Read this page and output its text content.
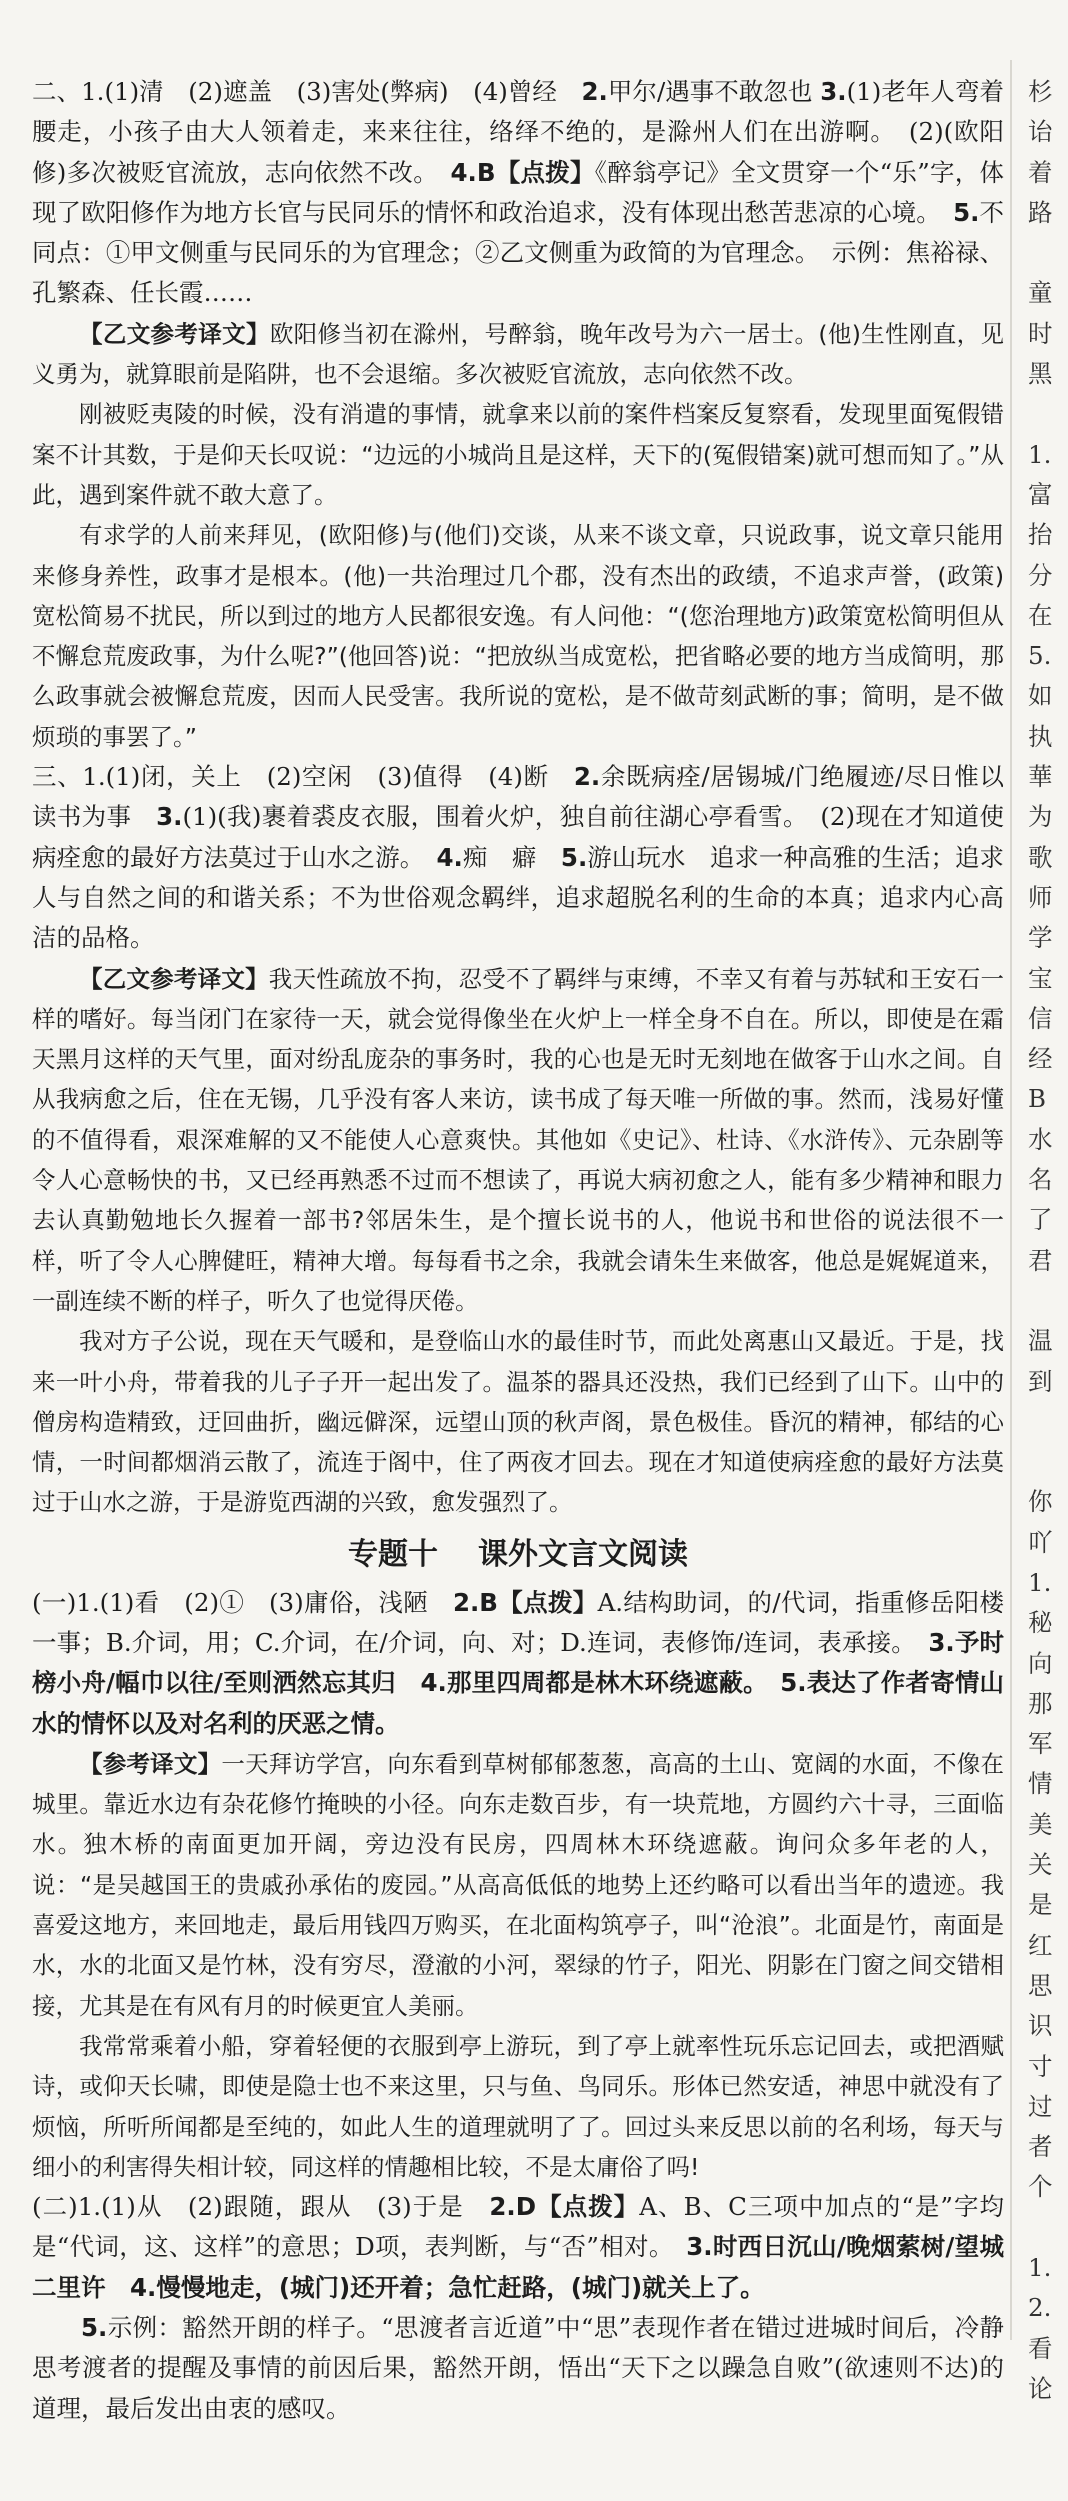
二、1.(1)清　(2)遮盖　(3)害处(弊病)　(4)曾经　2.甲尔/遇事不敢忽也 3.(1)老年人弯着腰走，小孩子由大人领着走，来来往往，络绎不绝的，是滁州人们在出游啊。　(2)(欧阳修)多次被贬官流放，志向依然不改。　4.B【点拨】《醉翁亭记》全文贯穿一个“乐”字，体现了欧阳修作为地方长官与民同乐的情怀和政治追求，没有体现出愁苦悲凉的心境。　5.不同点：①甲文侧重与民同乐的为官理念；②乙文侧重为政简的为官理念。　示例：焦裕禄、孔繁森、任长霞……

【乙文参考译文】欧阳修当初在滁州，号醉翁，晚年改号为六一居士。(他)生性刚直，见义勇为，就算眼前是陷阱，也不会退缩。多次被贬官流放，志向依然不改。

刚被贬夷陵的时候，没有消遣的事情，就拿来以前的案件档案反复察看，发现里面冤假错案不计其数，于是仰天长叹说：“边远的小城尚且是这样，天下的(冤假错案)就可想而知了。”从此，遇到案件就不敢大意了。

有求学的人前来拜见，(欧阳修)与(他们)交谈，从来不谈文章，只说政事，说文章只能用来修身养性，政事才是根本。(他)一共治理过几个郡，没有杰出的政绩，不追求声誉，(政策)宽松简易不扰民，所以到过的地方人民都很安逸。有人问他：“(您治理地方)政策宽松简明但从不懈怠荒废政事，为什么呢?”(他回答)说：“把放纵当成宽松，把省略必要的地方当成简明，那么政事就会被懈怠荒废，因而人民受害。我所说的宽松，是不做苛刻武断的事；简明，是不做烦琐的事罢了。”

三、1.(1)闭，关上　(2)空闲　(3)值得　(4)断　2.余既病痊/居锡城/门绝履迹/尽日惟以读书为事　3.(1)(我)裹着裘皮衣服，围着火炉，独自前往湖心亭看雪。　(2)现在才知道使病痊愈的最好方法莫过于山水之游。　4.痴　癖　5.游山玩水　追求一种高雅的生活；追求人与自然之间的和谐关系；不为世俗观念羁绊，追求超脱名利的生命的本真；追求内心高洁的品格。

【乙文参考译文】我天性疏放不拘，忍受不了羁绊与束缚，不幸又有着与苏轼和王安石一样的嗜好。每当闭门在家待一天，就会觉得像坐在火炉上一样全身不自在。所以，即使是在霜天黑月这样的天气里，面对纷乱庞杂的事务时，我的心也是无时无刻地在做客于山水之间。自从我病愈之后，住在无锡，几乎没有客人来访，读书成了每天唯一所做的事。然而，浅易好懂的不值得看，艰深难解的又不能使人心意爽快。其他如《史记》、杜诗、《水浒传》、元杂剧等令人心意畅快的书，又已经再熟悉不过而不想读了，再说大病初愈之人，能有多少精神和眼力去认真勤勉地长久握着一部书?邻居朱生，是个擅长说书的人，他说书和世俗的说法很不一样，听了令人心脾健旺，精神大增。每每看书之余，我就会请朱生来做客，他总是娓娓道来，一副连续不断的样子，听久了也觉得厌倦。

我对方子公说，现在天气暖和，是登临山水的最佳时节，而此处离惠山又最近。于是，找来一叶小舟，带着我的儿子子开一起出发了。温茶的器具还没热，我们已经到了山下。山中的僧房构造精致，迂回曲折，幽远僻深，远望山顶的秋声阁，景色极佳。昏沉的精神，郁结的心情，一时间都烟消云散了，流连于阁中，住了两夜才回去。现在才知道使病痊愈的最好方法莫过于山水之游，于是游览西湖的兴致，愈发强烈了。

专题十 课外文言文阅读

(一)1.(1)看　(2)①　(3)庸俗，浅陋　2.B【点拨】A.结构助词，的/代词，指重修岳阳楼一事；B.介词，用；C.介词，在/介词，向、对；D.连词，表修饰/连词，表承接。　3.予时榜小舟/幅巾以往/至则洒然忘其归　4.那里四周都是林木环绕遮蔽。　5.表达了作者寄情山水的情怀以及对名利的厌恶之情。

【参考译文】一天拜访学宫，向东看到草树郁郁葱葱，高高的土山、宽阔的水面，不像在城里。靠近水边有杂花修竹掩映的小径。向东走数百步，有一块荒地，方圆约六十寻，三面临水。独木桥的南面更加开阔，旁边没有民房，四周林木环绕遮蔽。询问众多年老的人，说：“是吴越国王的贵戚孙承佑的废园。”从高高低低的地势上还约略可以看出当年的遗迹。我喜爱这地方，来回地走，最后用钱四万购买，在北面构筑亭子，叫“沧浪”。北面是竹，南面是水，水的北面又是竹林，没有穷尽，澄澈的小河，翠绿的竹子，阳光、阴影在门窗之间交错相接，尤其是在有风有月的时候更宜人美丽。

我常常乘着小船，穿着轻便的衣服到亭上游玩，到了亭上就率性玩乐忘记回去，或把酒赋诗，或仰天长啸，即使是隐士也不来这里，只与鱼、鸟同乐。形体已然安适，神思中就没有了烦恼，所听所闻都是至纯的，如此人生的道理就明了了。回过头来反思以前的名利场，每天与细小的利害得失相计较，同这样的情趣相比较，不是太庸俗了吗!

(二)1.(1)从　(2)跟随，跟从　(3)于是　2.D【点拨】A、B、C三项中加点的“是”字均是“代词，这、这样”的意思；D项，表判断，与“否”相对。　3.时西日沉山/晚烟萦树/望城二里许　4.慢慢地走，(城门)还开着；急忙赶路，(城门)就关上了。

5.示例：豁然开朗的样子。“思渡者言近道”中“思”表现作者在错过进城时间后，冷静思考渡者的提醒及事情的前因后果，豁然开朗，悟出“天下之以躁急自败”(欲速则不达)的道理，最后发出由衷的感叹。

杉
诒
着
路
童
时
黑
1.
富
抬
分
在
5.
如
执
華
为
歌
师
学
宝
信
经
B
水
名
了
君
温
到
你
吖
1.
秘
向
那
军
情
美
关
是
红
思
识
寸
过
者
个
1.
2.
看
论
